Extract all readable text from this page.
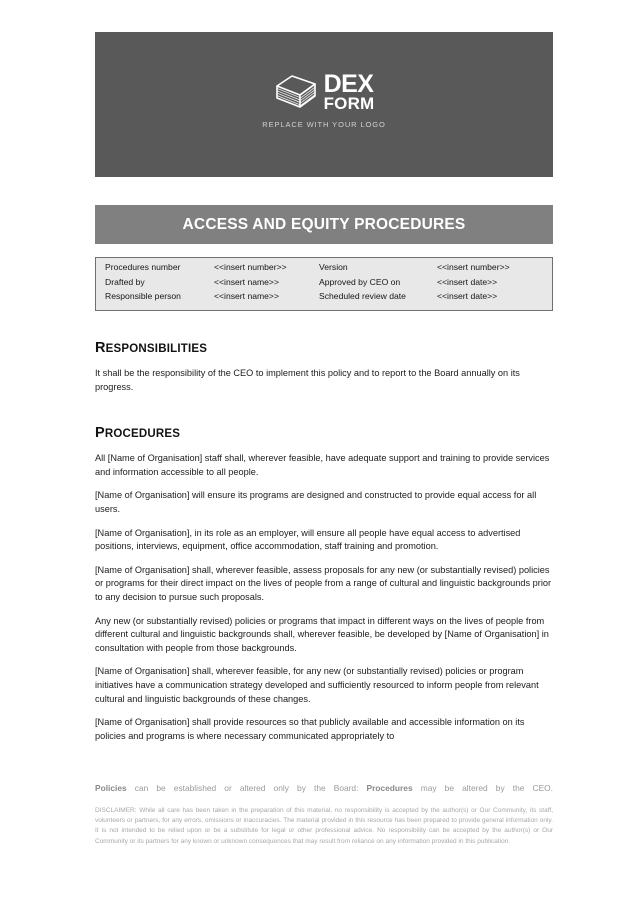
DEX
FORM
REPLACE WITH YOUR LOGO
ACCESS AND EQUITY PROCEDURES
Procedures number	<<insert number>>	Version	<<insert number>>
Drafted by	<<insert name>>	Approved by CEO on	<<insert date>>
Responsible person	<<insert name>>	Scheduled review date	<<insert date>>
RESPONSIBILITIES

It shall be the responsibility of the CEO to implement this policy and to report to the Board annually on its progress.

PROCEDURES

All [Name of Organisation] staff shall, wherever feasible, have adequate support and training to provide services and information accessible to all people.

[Name of Organisation] will ensure its programs are designed and constructed to provide equal access for all users.

[Name of Organisation], in its role as an employer, will ensure all people have equal access to advertised positions, interviews, equipment, office accommodation, staff training and promotion.

[Name of Organisation] shall, wherever feasible, assess proposals for any new (or substantially revised) policies or programs for their direct impact on the lives of people from a range of cultural and linguistic backgrounds prior to any decision to pursue such proposals.

Any new (or substantially revised) policies or programs that impact in different ways on the lives of people from different cultural and linguistic backgrounds shall, wherever feasible, be developed by [Name of Organisation] in consultation with people from those backgrounds.

[Name of Organisation] shall, wherever feasible, for any new (or substantially revised) policies or program initiatives have a communication strategy developed and sufficiently resourced to inform people from relevant cultural and linguistic backgrounds of these changes.

[Name of Organisation] shall provide resources so that publicly available and accessible information on its policies and programs is where necessary communicated appropriately to

Policies can be established or altered only by the Board: Procedures may be altered by the CEO.

DISCLAIMER: While all care has been taken in the preparation of this material, no responsibility is accepted by the author(s) or Our Community, its staff, volunteers or partners, for any errors, omissions or inaccuracies. The material provided in this resource has been prepared to provide general information only. It is not intended to be relied upon or be a substitute for legal or other professional advice. No responsibility can be accepted by the author(s) or Our Community or its partners for any known or unknown consequences that may result from reliance on any information provided in this publication.
